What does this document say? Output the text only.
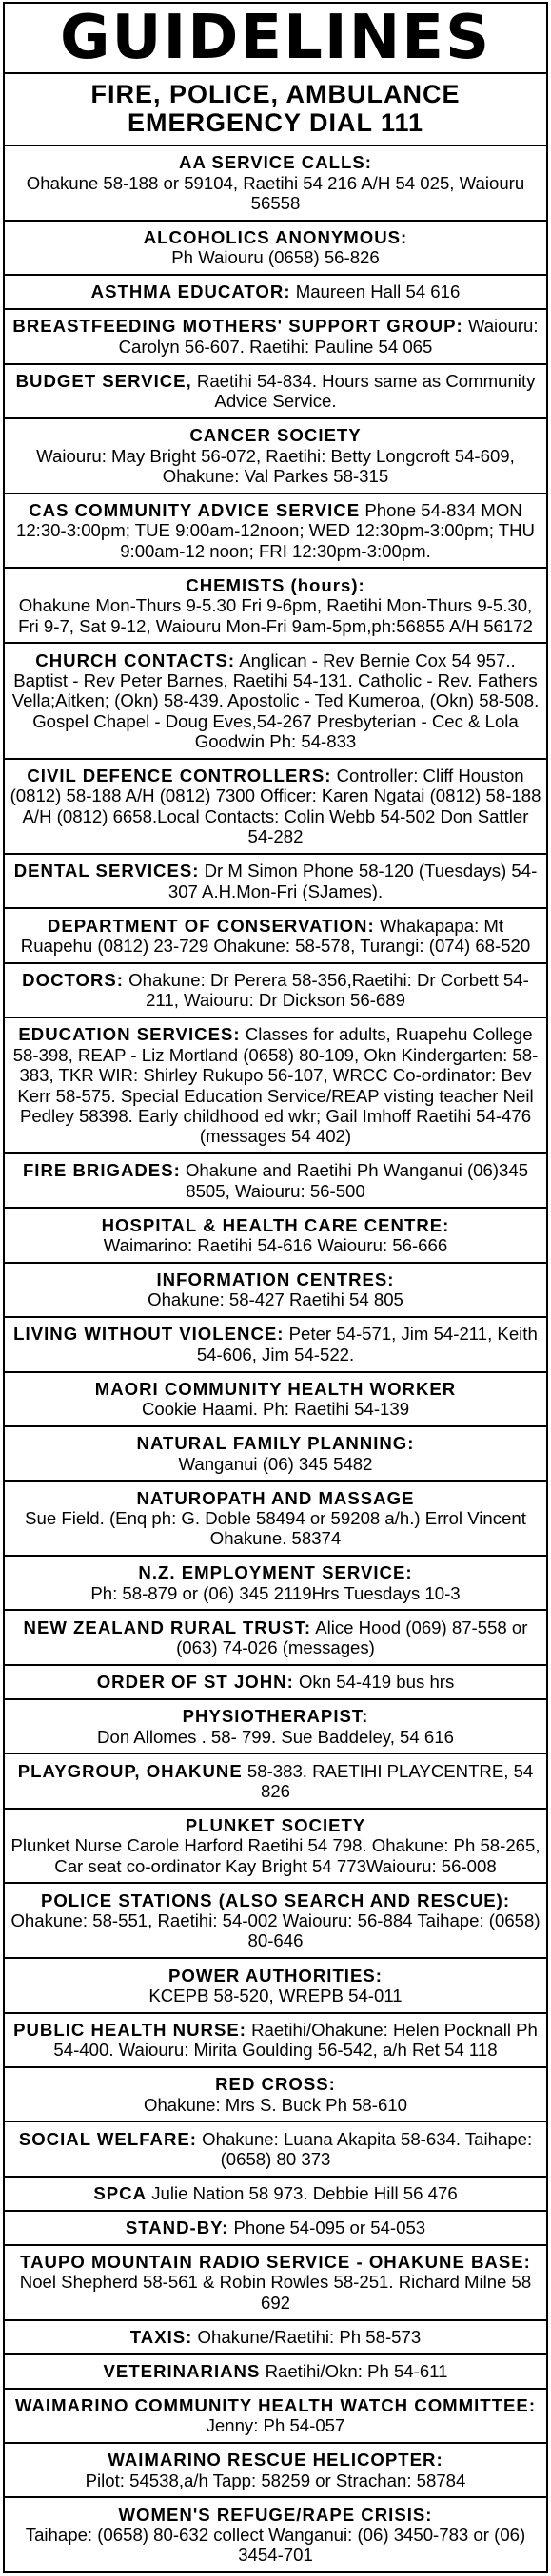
GUIDELINES
FIRE, POLICE, AMBULANCE
EMERGENCY DIAL 111
AA SERVICE CALLS:
Ohakune 58-188 or 59104, Raetihi 54 216 A/H 54 025, Waiouru 56558
ALCOHOLICS ANONYMOUS:
Ph Waiouru (0658) 56-826
ASTHMA EDUCATOR: Maureen Hall 54 616
BREASTFEEDING MOTHERS' SUPPORT GROUP: Waiouru: Carolyn 56-607. Raetihi: Pauline 54 065
BUDGET SERVICE, Raetihi 54-834. Hours same as Community Advice Service.
CANCER SOCIETY
Waiouru: May Bright 56-072, Raetihi: Betty Longcroft 54-609, Ohakune: Val Parkes 58-315
CAS COMMUNITY ADVICE SERVICE Phone 54-834 MON 12:30-3:00pm; TUE 9:00am-12noon; WED 12:30pm-3:00pm; THU 9:00am-12 noon; FRI 12:30pm-3:00pm.
CHEMISTS (hours):
Ohakune Mon-Thurs 9-5.30 Fri 9-6pm, Raetihi Mon-Thurs 9-5.30, Fri 9-7, Sat 9-12, Waiouru Mon-Fri 9am-5pm,ph:56855 A/H 56172
CHURCH CONTACTS: Anglican - Rev Bernie Cox 54 957.. Baptist - Rev Peter Barnes, Raetihi 54-131. Catholic - Rev. Fathers Vella;Aitken; (Okn) 58-439. Apostolic - Ted Kumeroa, (Okn) 58-508. Gospel Chapel - Doug Eves,54-267 Presbyterian - Cec & Lola Goodwin Ph: 54-833
CIVIL DEFENCE CONTROLLERS: Controller: Cliff Houston (0812) 58-188 A/H (0812) 7300 Officer: Karen Ngatai (0812) 58-188 A/H (0812) 6658.Local Contacts: Colin Webb 54-502 Don Sattler 54-282
DENTAL SERVICES: Dr M Simon Phone 58-120 (Tuesdays) 54-307 A.H.Mon-Fri (SJames).
DEPARTMENT OF CONSERVATION: Whakapapa: Mt Ruapehu (0812) 23-729 Ohakune: 58-578, Turangi: (074) 68-520
DOCTORS: Ohakune: Dr Perera 58-356,Raetihi: Dr Corbett 54-211, Waiouru: Dr Dickson 56-689
EDUCATION SERVICES: Classes for adults, Ruapehu College 58-398, REAP - Liz Mortland (0658) 80-109, Okn Kindergarten: 58-383, TKR WIR: Shirley Rukupo 56-107, WRCC Co-ordinator: Bev Kerr 58-575. Special Education Service/REAP visting teacher Neil Pedley 58398. Early childhood ed wkr; Gail Imhoff Raetihi 54-476 (messages 54 402)
FIRE BRIGADES: Ohakune and Raetihi Ph Wanganui (06)345 8505, Waiouru: 56-500
HOSPITAL & HEALTH CARE CENTRE:
Waimarino: Raetihi 54-616 Waiouru: 56-666
INFORMATION CENTRES:
Ohakune: 58-427 Raetihi 54 805
LIVING WITHOUT VIOLENCE: Peter 54-571, Jim 54-211, Keith 54-606, Jim 54-522.
MAORI COMMUNITY HEALTH WORKER
Cookie Haami. Ph: Raetihi 54-139
NATURAL FAMILY PLANNING:
Wanganui (06) 345 5482
NATUROPATH AND MASSAGE
Sue Field. (Enq ph: G. Doble 58494 or 59208 a/h.) Errol Vincent Ohakune. 58374
N.Z. EMPLOYMENT SERVICE:
Ph: 58-879 or (06) 345 2119Hrs Tuesdays 10-3
NEW ZEALAND RURAL TRUST: Alice Hood (069) 87-558 or (063) 74-026 (messages)
ORDER OF ST JOHN: Okn 54-419 bus hrs
PHYSIOTHERAPIST:
Don Allomes . 58- 799. Sue Baddeley, 54 616
PLAYGROUP, OHAKUNE 58-383. RAETIHI PLAYCENTRE, 54 826
PLUNKET SOCIETY
Plunket Nurse Carole Harford Raetihi 54 798. Ohakune: Ph 58-265, Car seat co-ordinator Kay Bright 54 773Waiouru: 56-008
POLICE STATIONS (ALSO SEARCH AND RESCUE): Ohakune: 58-551, Raetihi: 54-002 Waiouru: 56-884 Taihape: (0658) 80-646
POWER AUTHORITIES:
KCEPB 58-520, WREPB 54-011
PUBLIC HEALTH NURSE: Raetihi/Ohakune: Helen Pocknall Ph 54-400. Waiouru: Mirita Goulding 56-542, a/h Ret 54 118
RED CROSS:
Ohakune: Mrs S. Buck Ph 58-610
SOCIAL WELFARE: Ohakune: Luana Akapita 58-634. Taihape: (0658) 80 373
SPCA Julie Nation 58 973. Debbie Hill 56 476
STAND-BY: Phone 54-095 or 54-053
TAUPO MOUNTAIN RADIO SERVICE - OHAKUNE BASE: Noel Shepherd 58-561 & Robin Rowles 58-251. Richard Milne 58 692
TAXIS: Ohakune/Raetihi: Ph 58-573
VETERINARIANS Raetihi/Okn: Ph 54-611
WAIMARINO COMMUNITY HEALTH WATCH COMMITTEE: Jenny: Ph 54-057
WAIMARINO RESCUE HELICOPTER:
Pilot: 54538,a/h Tapp: 58259 or Strachan: 58784
WOMEN'S REFUGE/RAPE CRISIS:
Taihape: (0658) 80-632 collect Wanganui: (06) 3450-783 or (06) 3454-701
